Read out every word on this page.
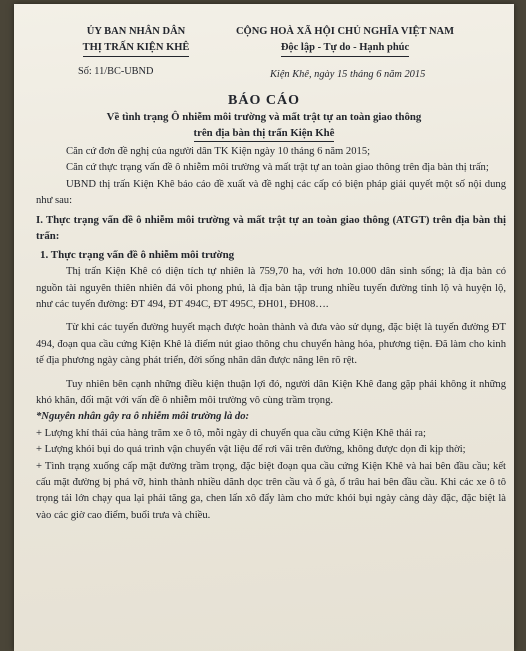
ỦY BAN NHÂN DÂN
THỊ TRẤN KIỆN KHÊ
CỘNG HOÀ XÃ HỘI CHỦ NGHĨA VIỆT NAM
Độc lập - Tự do - Hạnh phúc
Số: 11/BC-UBND	Kiện Khê, ngày 15 tháng 6 năm 2015
BÁO CÁO
Về tình trạng Ô nhiễm môi trường và mất trật tự an toàn giao thông
trên địa bàn thị trấn Kiện Khê

Căn cứ đơn đề nghị của người dân TK Kiện ngày 10 tháng 6 năm 2015;

Căn cứ thực trạng vấn đề ô nhiễm môi trường và mất trật tự an toàn giao thông trên địa bàn thị trấn;

UBND thị trấn Kiện Khê báo cáo đề xuất và đề nghị các cấp có biện pháp giải quyết một số nội dung như sau:

I. Thực trạng vấn đề ô nhiễm môi trường và mất trật tự an toàn giao thông (ATGT) trên địa bàn thị trấn:

1. Thực trạng vấn đề ô nhiễm môi trường

Thị trấn Kiện Khê có diện tích tự nhiên là 759,70 ha, với hơn 10.000 dân sinh sống; là địa bàn có nguồn tài nguyên thiên nhiên đá vôi phong phú, là địa bàn tập trung nhiều tuyến đường tỉnh lộ và huyện lộ, như các tuyến đường: ĐT 494, ĐT 494C, ĐT 495C, ĐH01, ĐH08….

Từ khi các tuyến đường huyết mạch được hoàn thành và đưa vào sử dụng, đặc biệt là tuyến đường ĐT 494, đoạn qua cầu cứng Kiện Khê là điểm nút giao thông chu chuyển hàng hóa, phương tiện. Đã làm cho kinh tế địa phương ngày càng phát triển, đời sống nhân dân được nâng lên rõ rệt.

Tuy nhiên bên cạnh những điều kiện thuận lợi đó, người dân Kiện Khê đang gặp phải không ít những khó khăn, đối mặt với vấn đề ô nhiễm môi trường vô cùng trầm trọng.

*Nguyên nhân gây ra ô nhiễm môi trường là do:

+ Lượng khí thải của hàng trăm xe ô tô, mỗi ngày di chuyển qua cầu cứng Kiện Khê thải ra;

+ Lượng khói bụi do quá trình vận chuyển vật liệu để rơi vãi trên đường, không được dọn đi kịp thời;

+ Tình trạng xuống cấp mặt đường trầm trọng, đặc biệt đoạn qua cầu cứng Kiện Khê và hai bên đầu cầu; kết cấu mặt đường bị phá vỡ, hình thành nhiều dãnh dọc trên cầu và ổ gà, ổ trâu hai bên đầu cầu. Khi các xe ô tô trọng tải lớn chạy qua lại phải tăng ga, chen lấn xô đẩy làm cho mức khói bụi ngày càng dày đặc, đặc biệt là vào các giờ cao điểm, buổi trưa và chiều.
